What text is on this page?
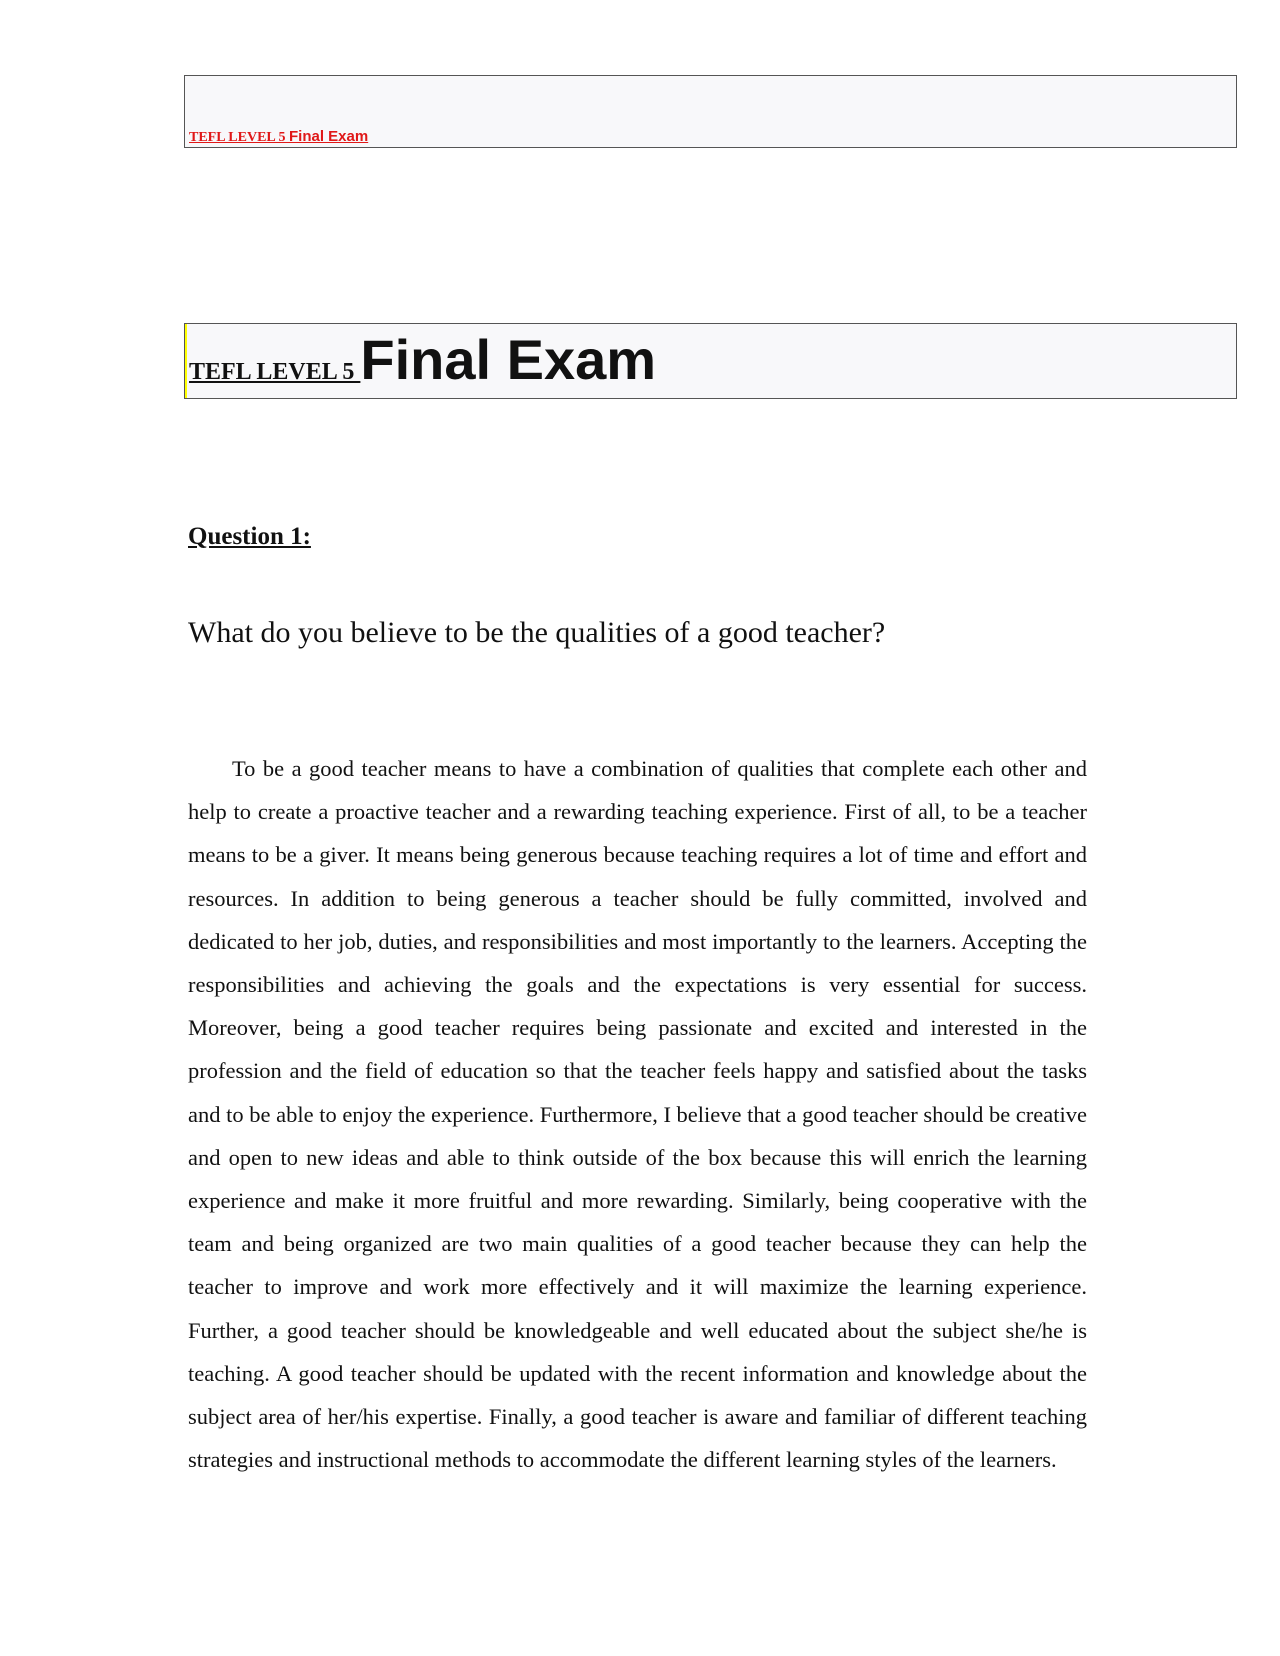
TEFL LEVEL 5 Final Exam
TEFL LEVEL 5 Final Exam
Question 1:
What do you believe to be the qualities of a good teacher?

To be a good teacher means to have a combination of qualities that complete each other and help to create a proactive teacher and a rewarding teaching experience. First of all, to be a teacher means to be a giver. It means being generous because teaching requires a lot of time and effort and resources. In addition to being generous a teacher should be fully committed, involved and dedicated to her job, duties, and responsibilities and most importantly to the learners. Accepting the responsibilities and achieving the goals and the expectations is very essential for success. Moreover, being a good teacher requires being passionate and excited and interested in the profession and the field of education so that the teacher feels happy and satisfied about the tasks and to be able to enjoy the experience. Furthermore, I believe that a good teacher should be creative and open to new ideas and able to think outside of the box because this will enrich the learning experience and make it more fruitful and more rewarding. Similarly, being cooperative with the team and being organized are two main qualities of a good teacher because they can help the teacher to improve and work more effectively and it will maximize the learning experience. Further, a good teacher should be knowledgeable and well educated about the subject she/he is teaching. A good teacher should be updated with the recent information and knowledge about the subject area of her/his expertise. Finally, a good teacher is aware and familiar of different teaching strategies and instructional methods to accommodate the different learning styles of the learners.
